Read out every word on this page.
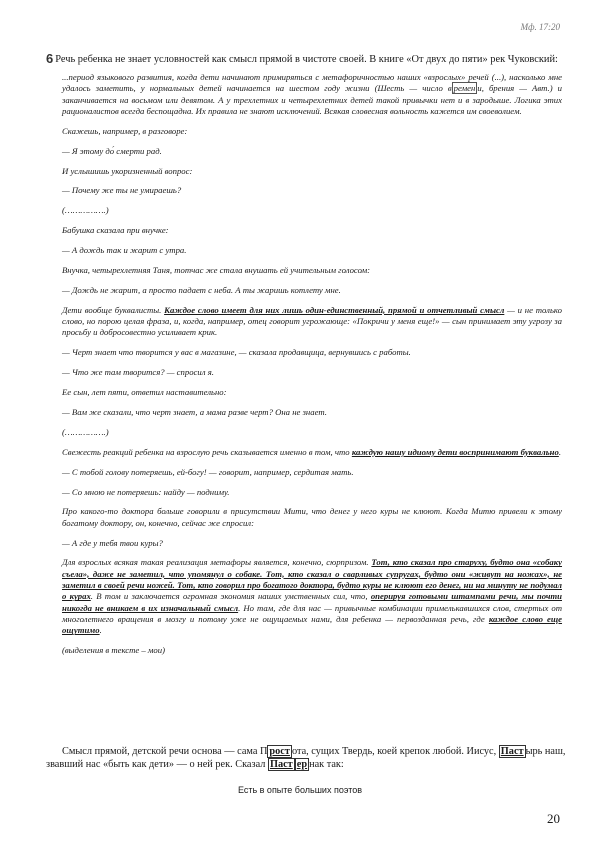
Мф. 17:20
6 Речь ребенка не знает условностей как смысл прямой в чистоте своей. В книге «От двух до пяти» рек Чуковский:

...период языкового развития, когда дети начинают примиряться с метафоричностью наших «взрослых» речей (...), насколько мне удалось заметить, у нормальных детей начинается на шестом году жизни (Шесть — число в ремен и, брения — Авт.) и заканчивается на восьмом или девятом. А у трехлетних и четырехлетних детей такой привычки нет и в зародыше. Логика этих рационалистов всегда беспощадна. Их правила не знают исключений. Всякая словесная вольность кажется им своеволием.

Скажешь, например, в разговоре:

— Я этому до́ смерти рад.

И услышишь укоризненный вопрос:

— Почему же ты не умираешь?

(…………….)

Бабушка сказала при внучке:

— А дождь так и жарит с утра.

Внучка, четырехлетняя Таня, тотчас же стала внушать ей учительным голосом:

— Дождь не жарит, а просто падает с неба. А ты жаришь котлету мне.

Дети вообще буквалисты. Каждое слово имеет для них лишь один-единственный, прямой и отчетливый смысл — и не только слово, но порою целая фраза, и, когда, например, отец говорит угрожающе: «Покричи у меня еще!» — сын принимает эту угрозу за просьбу и добросовестно усиливает крик.

— Черт знает что творится у вас в магазине, — сказала продавщица, вернувшись с работы.

— Что же там творится? — спросил я.

Ее сын, лет пяти, ответил наставительно:

— Вам же сказали, что черт знает, а мама разве черт? Она не знает.

(…………….)

Свежесть реакций ребенка на взрослую речь сказывается именно в том, что каждую нашу идиому дети воспринимают буквально.

— С тобой голову потеряешь, ей-богу! — говорит, например, сердитая мать.

— Со мною не потеряешь: найду — подниму.

Про какого-то доктора больше говорили в присутствии Мити, что денег у него куры не клюют. Когда Митю привели к этому богатому доктору, он, конечно, сейчас же спросил:

— А где у тебя твои куры?

Для взрослых всякая такая реализация метафоры является, конечно, сюрпризом. Тот, кто сказал про старуху, будто она «собаку съела», даже не заметил, что упомянул о собаке. Тот, кто сказал о сварливых супругах, будто они «живут на ножах», не заметил в своей речи ножей. Тот, кто говорил про богатого доктора, будто куры не клюют его денег, ни на минуту не подумал о курах. В том и заключается огромная экономия наших умственных сил, что, оперируя готовыми штампами речи, мы почти никогда не вникаем в их изначальный смысл. Но там, где для нас — привычные комбинации примелькавшихся слов, стертых от многолетнего вращения в мозгу и потому уже не ощущаемых нами, для ребенка — первозданная речь, где каждое слово еще ощутимо.

(выделения в тексте – мои)

Смысл прямой, детской речи основа — сама П рост ота, сущих Твердь, коей крепок любой. Иисус, Паст ырь наш, звавший нас «быть как дети» — о ней рек. Сказал Паст ер нак так:
Есть в опыте больших поэтов
20
